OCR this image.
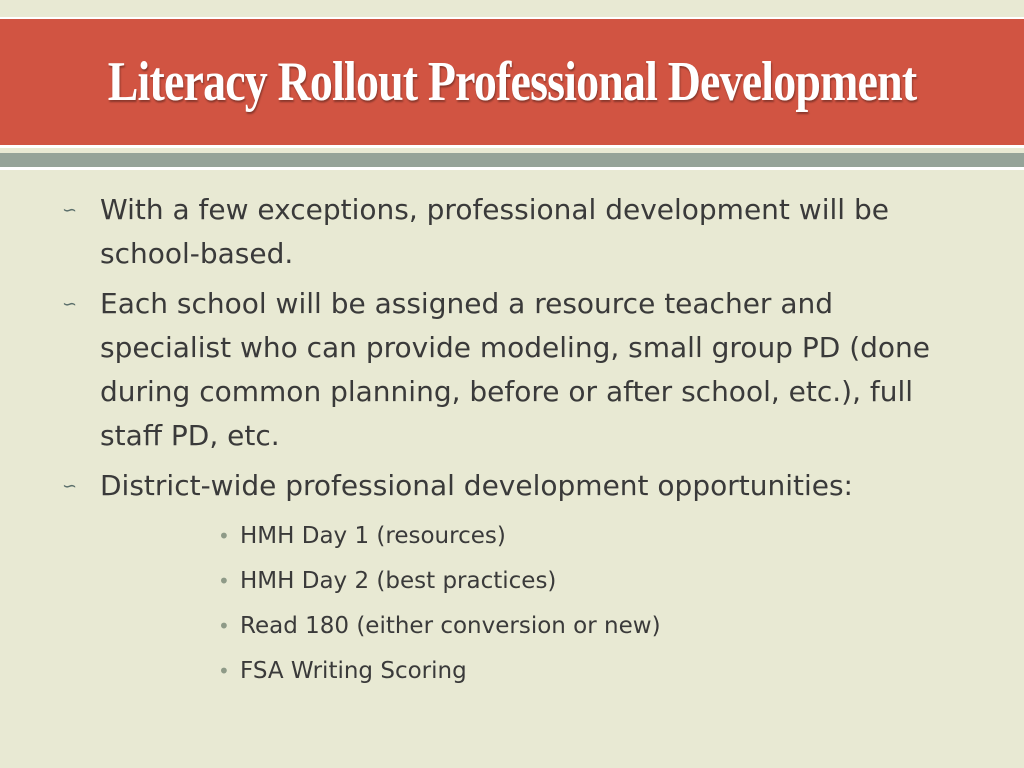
Literacy Rollout Professional Development
∽ With a few exceptions, professional development will be school-based.
∽ Each school will be assigned a resource teacher and specialist who can provide modeling, small group PD (done during common planning, before or after school, etc.), full staff PD, etc.
∽ District-wide professional development opportunities:
• HMH Day 1 (resources)
• HMH Day 2 (best practices)
• Read 180 (either conversion or new)
• FSA Writing Scoring
